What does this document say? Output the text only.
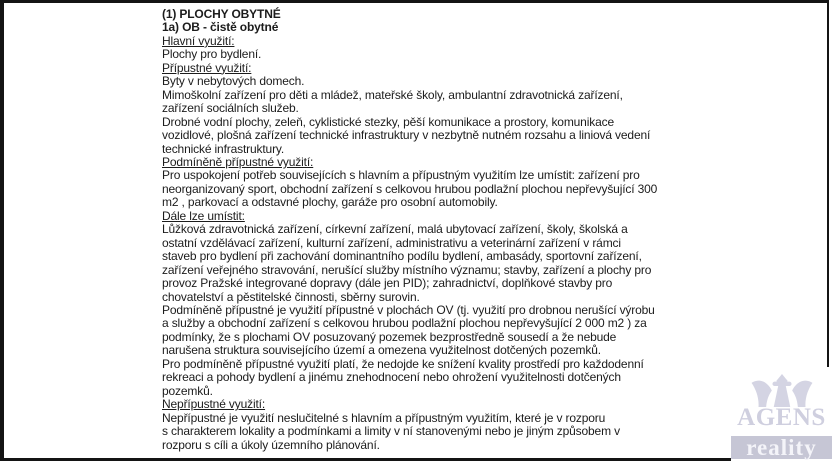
(1) PLOCHY OBYTNÉ
1a) OB - čistě obytné
Hlavní využití:
Plochy pro bydlení.
Přípustné využití:
Byty v nebytových domech.
Mimoškolní zařízení pro děti a mládež, mateřské školy, ambulantní zdravotnická zařízení,
zařízení sociálních služeb.
Drobné vodní plochy, zeleň, cyklistické stezky, pěší komunikace a prostory, komunikace
vozidlové, plošná zařízení technické infrastruktury v nezbytně nutném rozsahu a liniová vedení
technické infrastruktury.
Podmíněně přípustné využití:
Pro uspokojení potřeb souvisejících s hlavním a přípustným využitím lze umístit: zařízení pro
neorganizovaný sport, obchodní zařízení s celkovou hrubou podlažní plochou nepřevyšující 300
m2 , parkovací a odstavné plochy, garáže pro osobní automobily.
Dále lze umístit:
Lůžková zdravotnická zařízení, církevní zařízení, malá ubytovací zařízení, školy, školská a
ostatní vzdělávací zařízení, kulturní zařízení, administrativu a veterinární zařízení v rámci
staveb pro bydlení při zachování dominantního podílu bydlení, ambasády, sportovní zařízení,
zařízení veřejného stravování, nerušící služby místního významu; stavby, zařízení a plochy pro
provoz Pražské integrované dopravy (dále jen PID); zahradnictví, doplňkové stavby pro
chovatelství a pěstitelské činnosti, sběrny surovin.
Podmíněně přípustné je využití přípustné v plochách OV (tj. využití pro drobnou nerušící výrobu
a služby a obchodní zařízení s celkovou hrubou podlažní plochou nepřevyšující 2 000 m2 ) za
podmínky, že s plochami OV posuzovaný pozemek bezprostředně sousedí a že nebude
narušena struktura souvisejícího území a omezena využitelnost dotčených pozemků.
Pro podmíněně přípustné využití platí, že nedojde ke snížení kvality prostředí pro každodenní
rekreaci a pohody bydlení a jinému znehodnocení nebo ohrožení využitelnosti dotčených
pozemků.
Nepřípustné využití:
Nepřípustné je využití neslučitelné s hlavním a přípustným využitím, které je v rozporu
s charakterem lokality a podmínkami a limity v ní stanovenými nebo je jiným způsobem v
rozporu s cíli a úkoly územního plánování.
AGENS
reality
